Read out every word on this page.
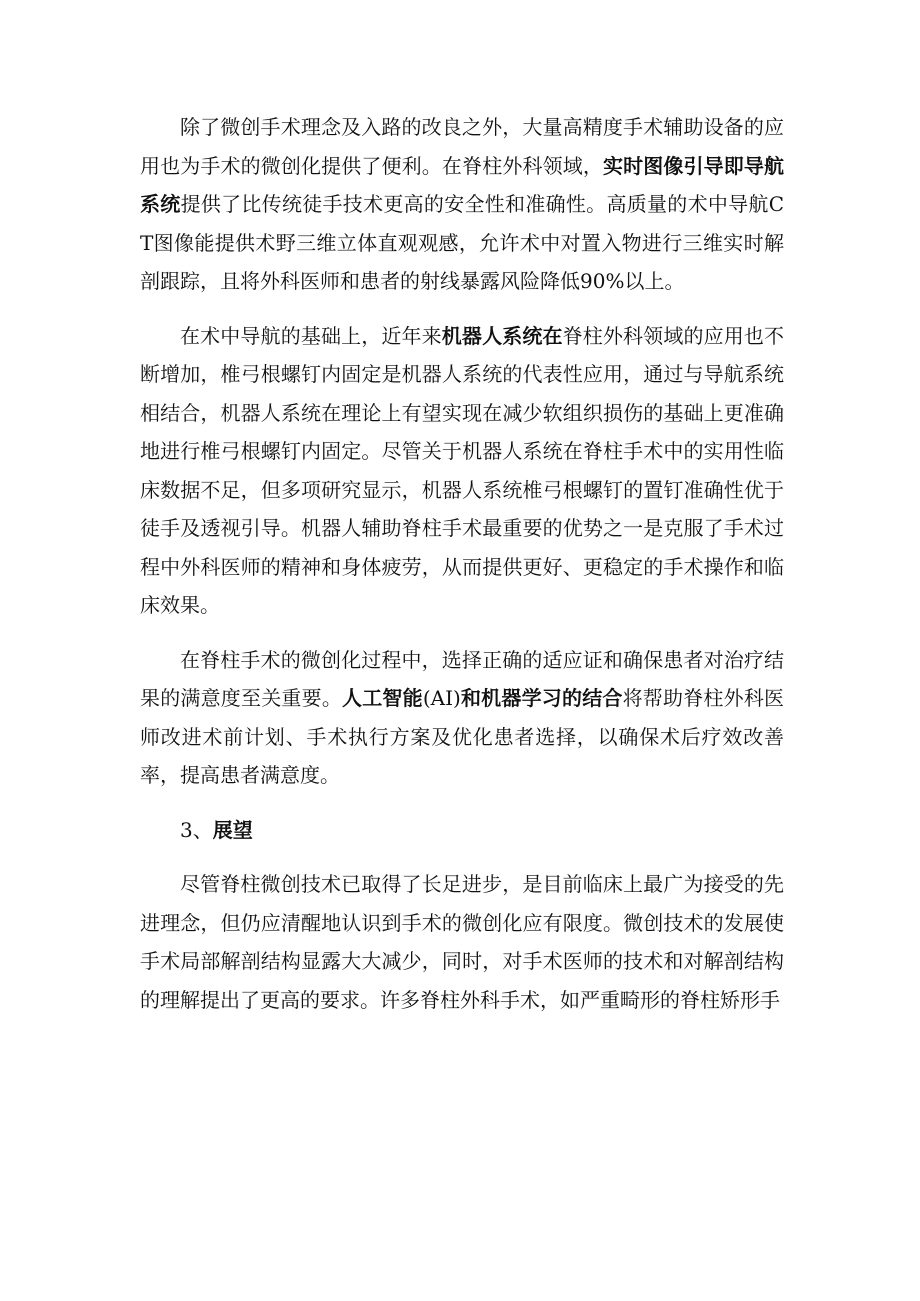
除了微创手术理念及入路的改良之外，大量高精度手术辅助设备的应用也为手术的微创化提供了便利。在脊柱外科领域，实时图像引导即导航系统提供了比传统徒手技术更高的安全性和准确性。高质量的术中导航CT图像能提供术野三维立体直观观感，允许术中对置入物进行三维实时解剖跟踪，且将外科医师和患者的射线暴露风险降低90%以上。

在术中导航的基础上，近年来机器人系统在脊柱外科领域的应用也不断增加，椎弓根螺钉内固定是机器人系统的代表性应用，通过与导航系统相结合，机器人系统在理论上有望实现在减少软组织损伤的基础上更准确地进行椎弓根螺钉内固定。尽管关于机器人系统在脊柱手术中的实用性临床数据不足，但多项研究显示，机器人系统椎弓根螺钉的置钉准确性优于徒手及透视引导。机器人辅助脊柱手术最重要的优势之一是克服了手术过程中外科医师的精神和身体疲劳，从而提供更好、更稳定的手术操作和临床效果。

在脊柱手术的微创化过程中，选择正确的适应证和确保患者对治疗结果的满意度至关重要。人工智能(AI)和机器学习的结合将帮助脊柱外科医师改进术前计划、手术执行方案及优化患者选择，以确保术后疗效改善率，提高患者满意度。

3、展望

尽管脊柱微创技术已取得了长足进步，是目前临床上最广为接受的先进理念，但仍应清醒地认识到手术的微创化应有限度。微创技术的发展使手术局部解剖结构显露大大减少，同时，对手术医师的技术和对解剖结构的理解提出了更高的要求。许多脊柱外科手术，如严重畸形的脊柱矫形手
